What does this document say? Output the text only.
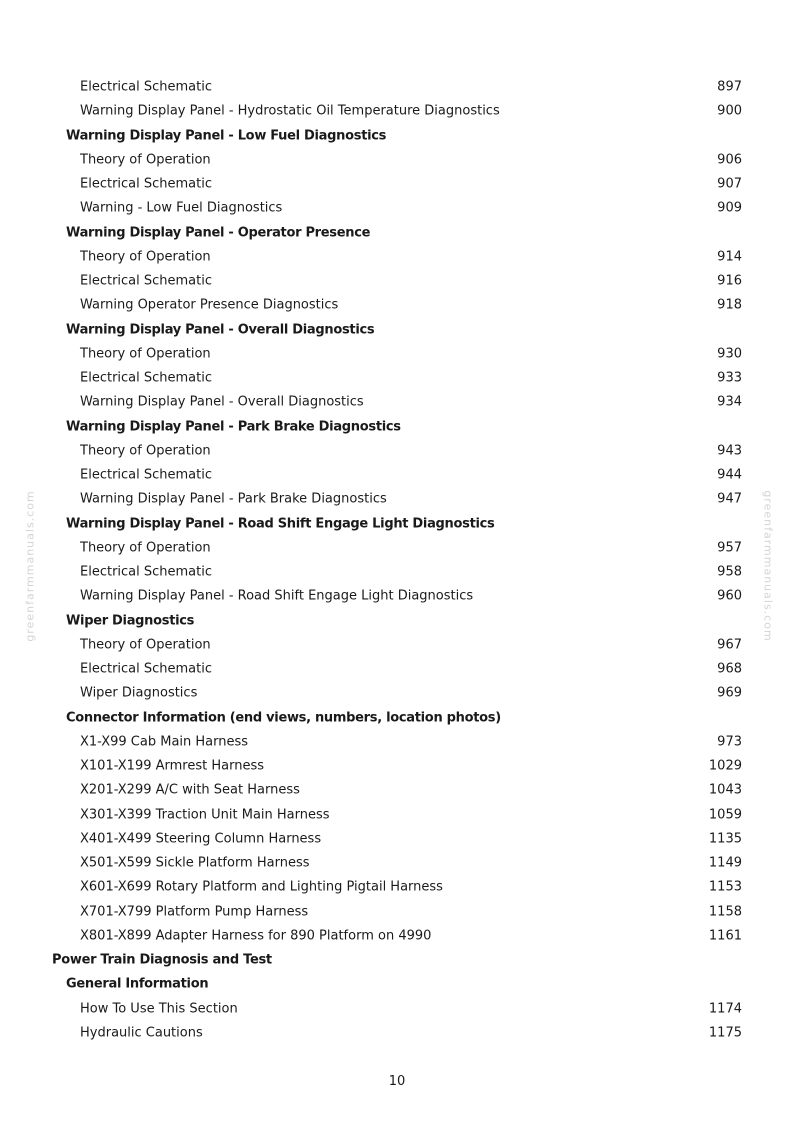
greenfarmmanuals.com	greenfarmmanuals.com
Electrical Schematic	897
Warning Display Panel - Hydrostatic Oil Temperature Diagnostics	900
Warning Display Panel - Low Fuel Diagnostics
Theory of Operation	906
Electrical Schematic	907
Warning - Low Fuel Diagnostics	909
Warning Display Panel - Operator Presence
Theory of Operation	914
Electrical Schematic	916
Warning Operator Presence Diagnostics	918
Warning Display Panel - Overall Diagnostics
Theory of Operation	930
Electrical Schematic	933
Warning Display Panel - Overall Diagnostics	934
Warning Display Panel - Park Brake Diagnostics
Theory of Operation	943
Electrical Schematic	944
Warning Display Panel - Park Brake Diagnostics	947
Warning Display Panel - Road Shift Engage Light Diagnostics
Theory of Operation	957
Electrical Schematic	958
Warning Display Panel - Road Shift Engage Light Diagnostics	960
Wiper Diagnostics
Theory of Operation	967
Electrical Schematic	968
Wiper Diagnostics	969
Connector Information (end views, numbers, location photos)
X1-X99 Cab Main Harness	973
X101-X199 Armrest Harness	1029
X201-X299 A/C with Seat Harness	1043
X301-X399 Traction Unit Main Harness	1059
X401-X499 Steering Column Harness	1135
X501-X599 Sickle Platform Harness	1149
X601-X699 Rotary Platform and Lighting Pigtail Harness	1153
X701-X799 Platform Pump Harness	1158
X801-X899 Adapter Harness for 890 Platform on 4990	1161
Power Train Diagnosis and Test
General Information
How To Use This Section	1174
Hydraulic Cautions	1175
10
